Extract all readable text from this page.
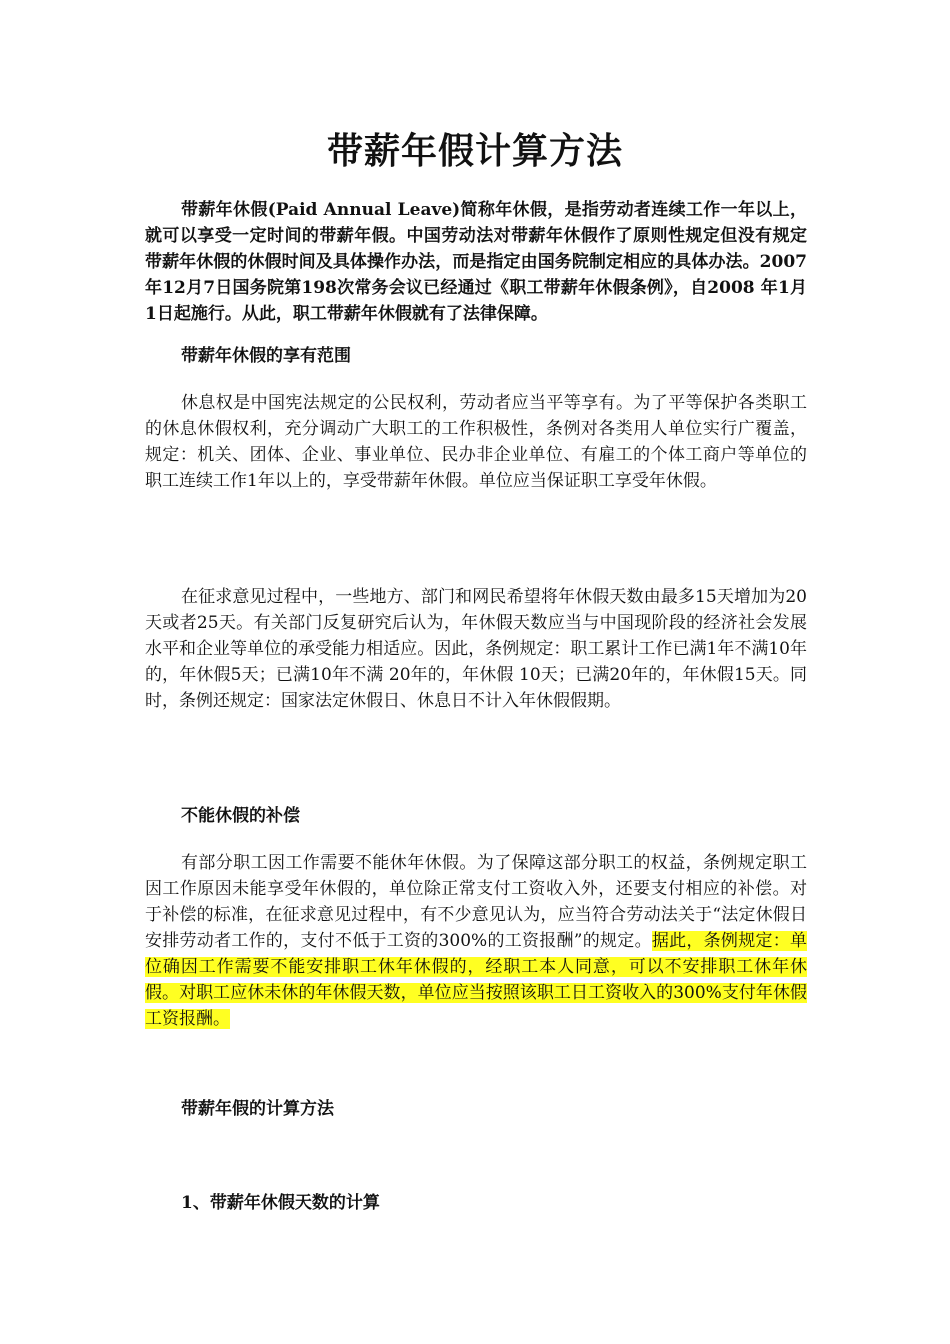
带薪年假计算方法

带薪年休假(Paid Annual Leave)简称年休假，是指劳动者连续工作一年以上，就可以享受一定时间的带薪年假。中国劳动法对带薪年休假作了原则性规定但没有规定带薪年休假的休假时间及具体操作办法，而是指定由国务院制定相应的具体办法。2007年12月7日国务院第198次常务会议已经通过《职工带薪年休假条例》，自2008 年1月1日起施行。从此，职工带薪年休假就有了法律保障。

带薪年休假的享有范围

休息权是中国宪法规定的公民权利，劳动者应当平等享有。为了平等保护各类职工的休息休假权利，充分调动广大职工的工作积极性，条例对各类用人单位实行广覆盖，规定：机关、团体、企业、事业单位、民办非企业单位、有雇工的个体工商户等单位的职工连续工作1年以上的，享受带薪年休假。单位应当保证职工享受年休假。

在征求意见过程中，一些地方、部门和网民希望将年休假天数由最多15天增加为20天或者25天。有关部门反复研究后认为，年休假天数应当与中国现阶段的经济社会发展水平和企业等单位的承受能力相适应。因此，条例规定：职工累计工作已满1年不满10年的，年休假5天；已满10年不满 20年的，年休假 10天；已满20年的，年休假15天。同时，条例还规定：国家法定休假日、休息日不计入年休假假期。

不能休假的补偿

有部分职工因工作需要不能休年休假。为了保障这部分职工的权益，条例规定职工因工作原因未能享受年休假的，单位除正常支付工资收入外，还要支付相应的补偿。对于补偿的标准，在征求意见过程中，有不少意见认为，应当符合劳动法关于“法定休假日安排劳动者工作的，支付不低于工资的300%的工资报酬”的规定。据此，条例规定：单位确因工作需要不能安排职工休年休假的，经职工本人同意，可以不安排职工休年休假。对职工应休未休的年休假天数，单位应当按照该职工日工资收入的300%支付年休假工资报酬。

带薪年假的计算方法

1、带薪年休假天数的计算
